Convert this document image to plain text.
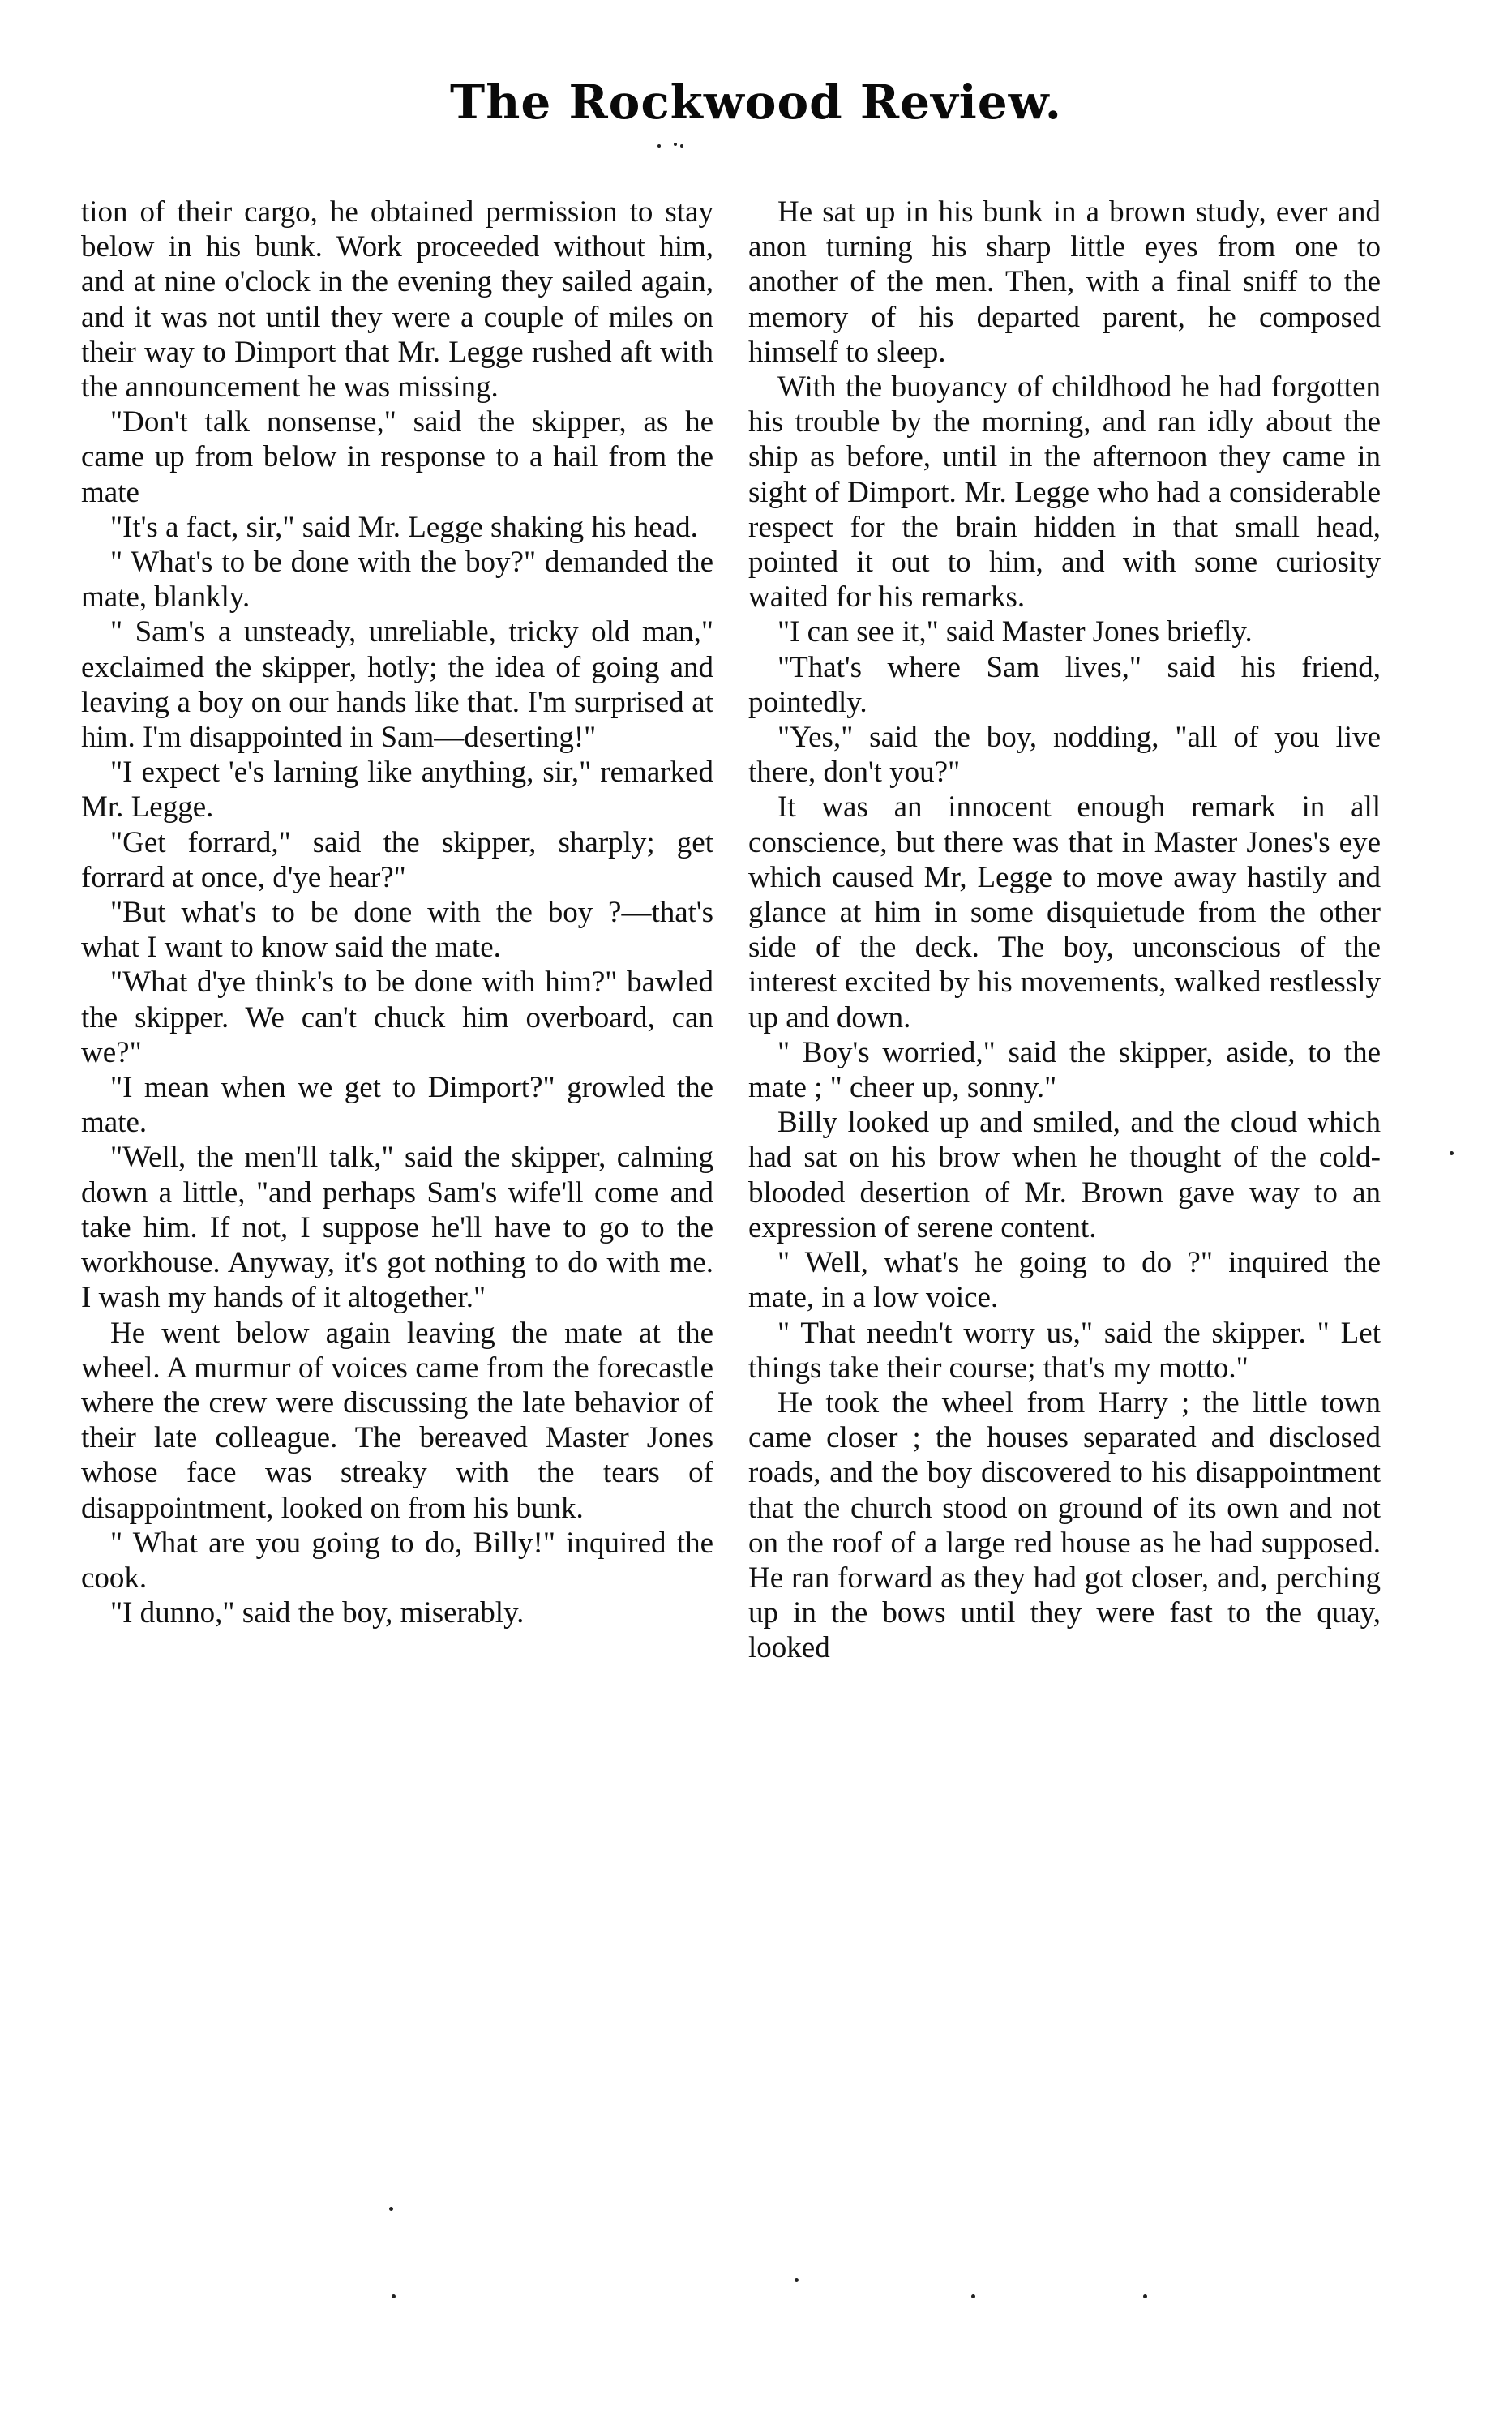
The Rockwood Review.

tion of their cargo, he obtained permission to stay below in his bunk. Work proceeded without him, and at nine o'clock in the evening they sailed again, and it was not until they were a couple of miles on their way to Dimport that Mr. Legge rushed aft with the announcement he was missing.

"Don't talk nonsense," said the skipper, as he came up from below in response to a hail from the mate

"It's a fact, sir," said Mr. Legge shaking his head.

" What's to be done with the boy?" demanded the mate, blankly.

" Sam's a unsteady, unreliable, tricky old man," exclaimed the skipper, hotly; the idea of going and leaving a boy on our hands like that. I'm surprised at him. I'm disappointed in Sam—deserting!"

"I expect 'e's larning like anything, sir," remarked Mr. Legge.

"Get forrard," said the skipper, sharply; get forrard at once, d'ye hear?"

"But what's to be done with the boy ?—that's what I want to know said the mate.

"What d'ye think's to be done with him?" bawled the skipper. We can't chuck him overboard, can we?"

"I mean when we get to Dimport?" growled the mate.

"Well, the men'll talk," said the skipper, calming down a little, "and perhaps Sam's wife'll come and take him. If not, I suppose he'll have to go to the workhouse. Anyway, it's got nothing to do with me. I wash my hands of it altogether."

He went below again leaving the mate at the wheel. A murmur of voices came from the forecastle where the crew were discussing the late behavior of their late colleague. The bereaved Master Jones whose face was streaky with the tears of disappointment, looked on from his bunk.

" What are you going to do, Billy!" inquired the cook.

"I dunno," said the boy, miserably.

He sat up in his bunk in a brown study, ever and anon turning his sharp little eyes from one to another of the men. Then, with a final sniff to the memory of his departed parent, he composed himself to sleep.

With the buoyancy of childhood he had forgotten his trouble by the morning, and ran idly about the ship as before, until in the afternoon they came in sight of Dimport. Mr. Legge who had a considerable respect for the brain hidden in that small head, pointed it out to him, and with some curiosity waited for his remarks.

"I can see it," said Master Jones briefly.

"That's where Sam lives," said his friend, pointedly.

"Yes," said the boy, nodding, "all of you live there, don't you?"

It was an innocent enough remark in all conscience, but there was that in Master Jones's eye which caused Mr, Legge to move away hastily and glance at him in some disquietude from the other side of the deck. The boy, unconscious of the interest excited by his movements, walked restlessly up and down.

" Boy's worried," said the skipper, aside, to the mate ; " cheer up, sonny."

Billy looked up and smiled, and the cloud which had sat on his brow when he thought of the cold-blooded desertion of Mr. Brown gave way to an expression of serene content.

" Well, what's he going to do ?" inquired the mate, in a low voice.

" That needn't worry us," said the skipper. " Let things take their course; that's my motto."

He took the wheel from Harry ; the little town came closer ; the houses separated and disclosed roads, and the boy discovered to his disappointment that the church stood on ground of its own and not on the roof of a large red house as he had supposed. He ran forward as they had got closer, and, perching up in the bows until they were fast to the quay, looked
